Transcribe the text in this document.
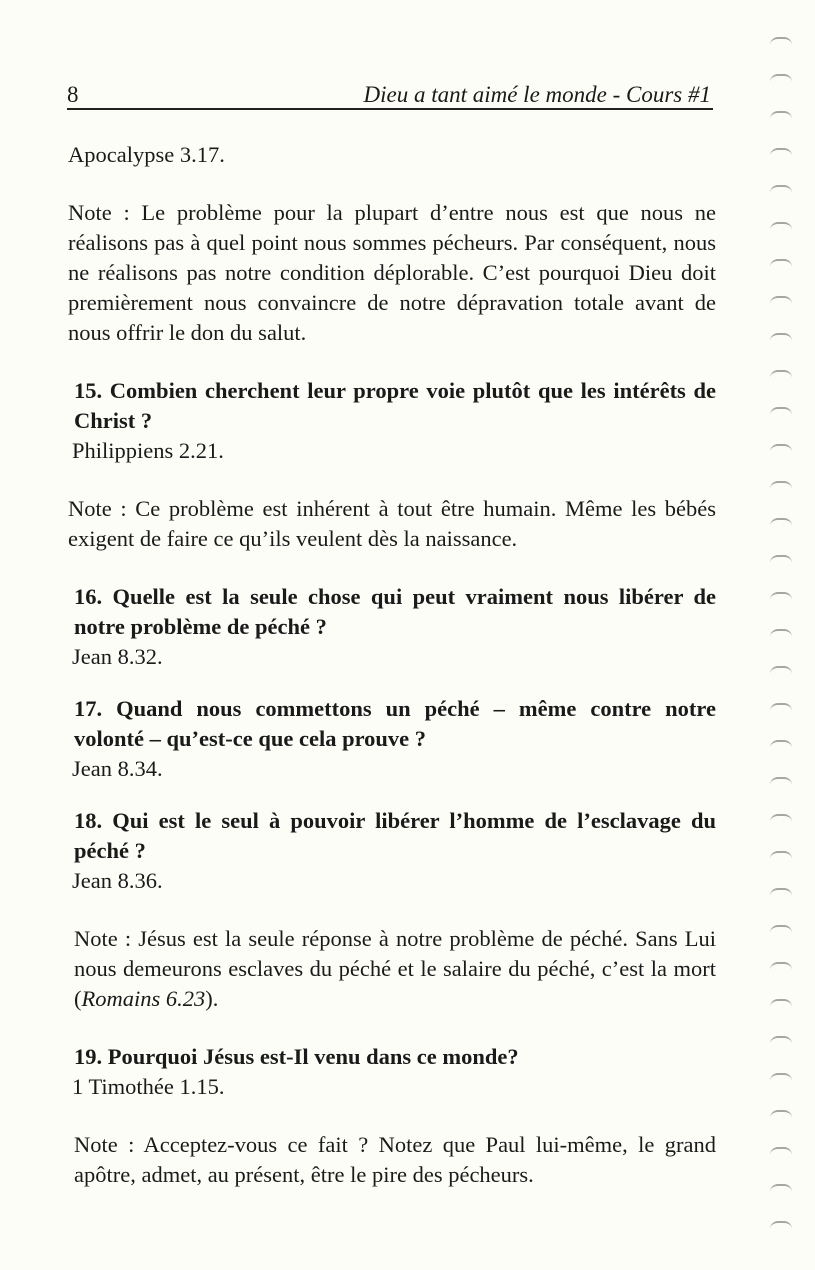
8	Dieu a tant aimé le monde - Cours #1

Apocalypse 3.17.

Note : Le problème pour la plupart d’entre nous est que nous ne réalisons pas à quel point nous sommes pécheurs. Par conséquent, nous ne réalisons pas notre condition déplorable. C’est pourquoi Dieu doit premièrement nous convaincre de notre dépravation totale avant de nous offrir le don du salut.

15. Combien cherchent leur propre voie plutôt que les intérêts de Christ ?

Philippiens 2.21.

Note : Ce problème est inhérent à tout être humain. Même les bébés exigent de faire ce qu’ils veulent dès la naissance.

16. Quelle est la seule chose qui peut vraiment nous libérer de notre problème de péché ?

Jean 8.32.

17. Quand nous commettons un péché – même contre notre volonté – qu’est-ce que cela prouve ?

Jean 8.34.

18. Qui est le seul à pouvoir libérer l’homme de l’esclavage du péché ?

Jean 8.36.

Note : Jésus est la seule réponse à notre problème de péché. Sans Lui nous demeurons esclaves du péché et le salaire du péché, c’est la mort (Romains 6.23).

19. Pourquoi Jésus est-Il venu dans ce monde?

1 Timothée 1.15.

Note : Acceptez-vous ce fait ? Notez que Paul lui-même, le grand apôtre, admet, au présent, être le pire des pécheurs.
